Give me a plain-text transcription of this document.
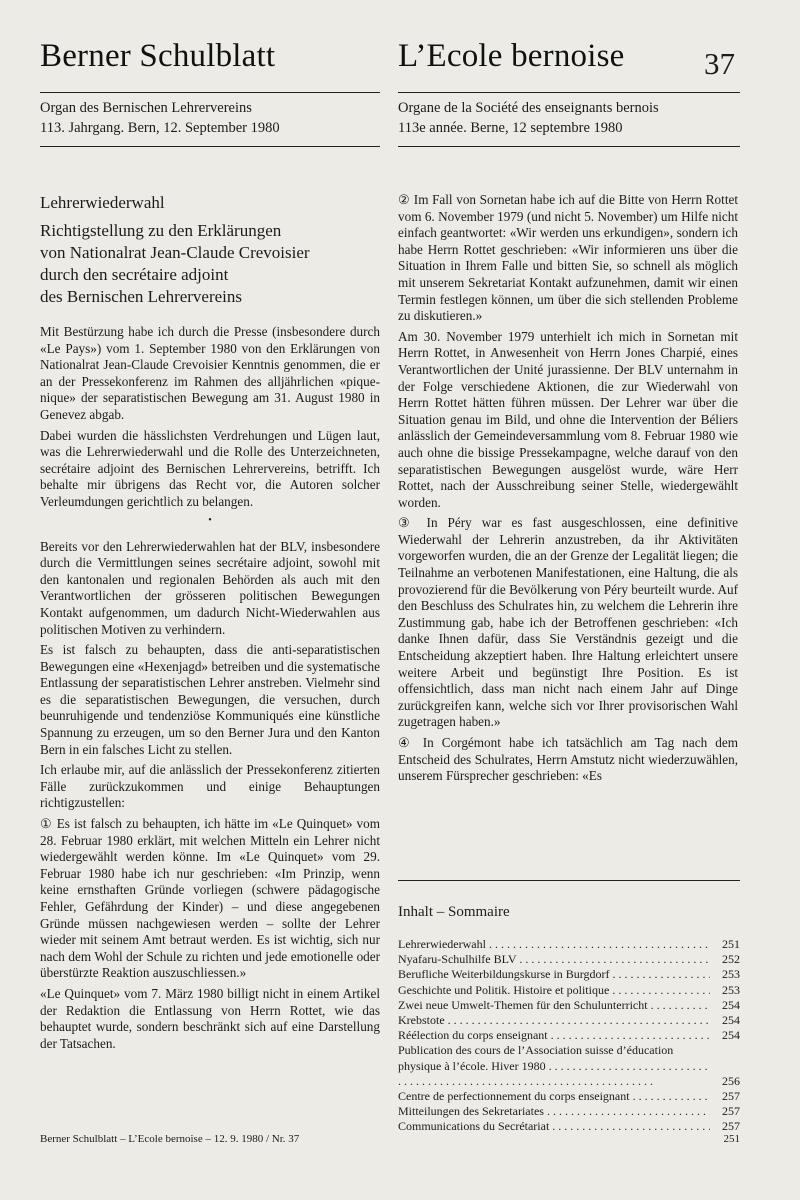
Berner Schulblatt	L’Ecole bernoise	37
Organ des Bernischen Lehrervereins
113. Jahrgang. Bern, 12. September 1980
Organe de la Société des enseignants bernois
113e année. Berne, 12 septembre 1980
Lehrerwiederwahl
Richtigstellung zu den Erklärungen
von Nationalrat Jean-Claude Crevoisier
durch den secrétaire adjoint
des Bernischen Lehrervereins

Mit Bestürzung habe ich durch die Presse (insbesondere durch «Le Pays») vom 1. September 1980 von den Erklärungen von Nationalrat Jean-Claude Crevoisier Kenntnis genommen, die er an der Pressekonferenz im Rahmen des alljährlichen «pique-nique» der separatistischen Bewegung am 31. August 1980 in Genevez abgab.

Dabei wurden die hässlichsten Verdrehungen und Lügen laut, was die Lehrerwiederwahl und die Rolle des Unterzeichneten, secrétaire adjoint des Bernischen Lehrervereins, betrifft. Ich behalte mir übrigens das Recht vor, die Autoren solcher Verleumdungen gerichtlich zu belangen.

•

Bereits vor den Lehrerwiederwahlen hat der BLV, insbesondere durch die Vermittlungen seines secrétaire adjoint, sowohl mit den kantonalen und regionalen Behörden als auch mit den Verantwortlichen der grösseren politischen Bewegungen Kontakt aufgenommen, um dadurch Nicht-Wiederwahlen aus politischen Motiven zu verhindern.

Es ist falsch zu behaupten, dass die anti-separatistischen Bewegungen eine «Hexenjagd» betreiben und die systematische Entlassung der separatistischen Lehrer anstreben. Vielmehr sind es die separatistischen Bewegungen, die versuchen, durch beunruhigende und tendenziöse Kommuniqués eine künstliche Spannung zu erzeugen, um so den Berner Jura und den Kanton Bern in ein falsches Licht zu stellen.

Ich erlaube mir, auf die anlässlich der Pressekonferenz zitierten Fälle zurückzukommen und einige Behauptungen richtigzustellen:

① Es ist falsch zu behaupten, ich hätte im «Le Quinquet» vom 28. Februar 1980 erklärt, mit welchen Mitteln ein Lehrer nicht wiedergewählt werden könne. Im «Le Quinquet» vom 29. Februar 1980 habe ich nur geschrieben: «Im Prinzip, wenn keine ernsthaften Gründe vorliegen (schwere pädagogische Fehler, Gefährdung der Kinder) – und diese angegebenen Gründe müssen nachgewiesen werden – sollte der Lehrer wieder mit seinem Amt betraut werden. Es ist wichtig, sich nur nach dem Wohl der Schule zu richten und jede emotionelle oder überstürzte Reaktion auszuschliessen.»

«Le Quinquet» vom 7. März 1980 billigt nicht in einem Artikel der Redaktion die Entlassung von Herrn Rottet, wie das behauptet wurde, sondern beschränkt sich auf eine Darstellung der Tatsachen.

② Im Fall von Sornetan habe ich auf die Bitte von Herrn Rottet vom 6. November 1979 (und nicht 5. November) um Hilfe nicht einfach geantwortet: «Wir werden uns erkundigen», sondern ich habe Herrn Rottet geschrieben: «Wir informieren uns über die Situation in Ihrem Falle und bitten Sie, so schnell als möglich mit unserem Sekretariat Kontakt aufzunehmen, damit wir einen Termin festlegen können, um über die sich stellenden Probleme zu diskutieren.»

Am 30. November 1979 unterhielt ich mich in Sornetan mit Herrn Rottet, in Anwesenheit von Herrn Jones Charpié, eines Verantwortlichen der Unité jurassienne. Der BLV unternahm in der Folge verschiedene Aktionen, die zur Wiederwahl von Herrn Rottet hätten führen müssen. Der Lehrer war über die Situation genau im Bild, und ohne die Intervention der Béliers anlässlich der Gemeindeversammlung vom 8. Februar 1980 wie auch ohne die bissige Pressekampagne, welche darauf von den separatistischen Bewegungen ausgelöst wurde, wäre Herr Rottet, nach der Ausschreibung seiner Stelle, wiedergewählt worden.

③ In Péry war es fast ausgeschlossen, eine definitive Wiederwahl der Lehrerin anzustreben, da ihr Aktivitäten vorgeworfen wurden, die an der Grenze der Legalität liegen; die Teilnahme an verbotenen Manifestationen, eine Haltung, die als provozierend für die Bevölkerung von Péry beurteilt wurde. Auf den Beschluss des Schulrates hin, zu welchem die Lehrerin ihre Zustimmung gab, habe ich der Betroffenen geschrieben: «Ich danke Ihnen dafür, dass Sie Verständnis gezeigt und die Entscheidung akzeptiert haben. Ihre Haltung erleichtert unsere weitere Arbeit und begünstigt Ihre Position. Es ist offensichtlich, dass man nicht nach einem Jahr auf Dinge zurückgreifen kann, welche sich vor Ihrer provisorischen Wahl zugetragen haben.»

④ In Corgémont habe ich tatsächlich am Tag nach dem Entscheid des Schulrates, Herrn Amstutz nicht wiederzuwählen, unserem Fürsprecher geschrieben: «Es

Inhalt – Sommaire
Lehrerwiederwahl . . .	251
Nyafaru-Schulhilfe BLV . . .	252
Berufliche Weiterbildungskurse in Burgdorf . . .	253
Geschichte und Politik. Histoire et politique . . .	253
Zwei neue Umwelt-Themen für den Schulunterricht . . .	254
Krebstote . . .	254
Réélection du corps enseignant . . .	254
Publication des cours de l’Association suisse d’éducation physique à l’école. Hiver 1980 . . .
256
Centre de perfectionnement du corps enseignant . . .	257
Mitteilungen des Sekretariates . . .	257
Communications du Secrétariat . . .	257
Berner Schulblatt – L’Ecole bernoise – 12. 9. 1980 / Nr. 37	251
